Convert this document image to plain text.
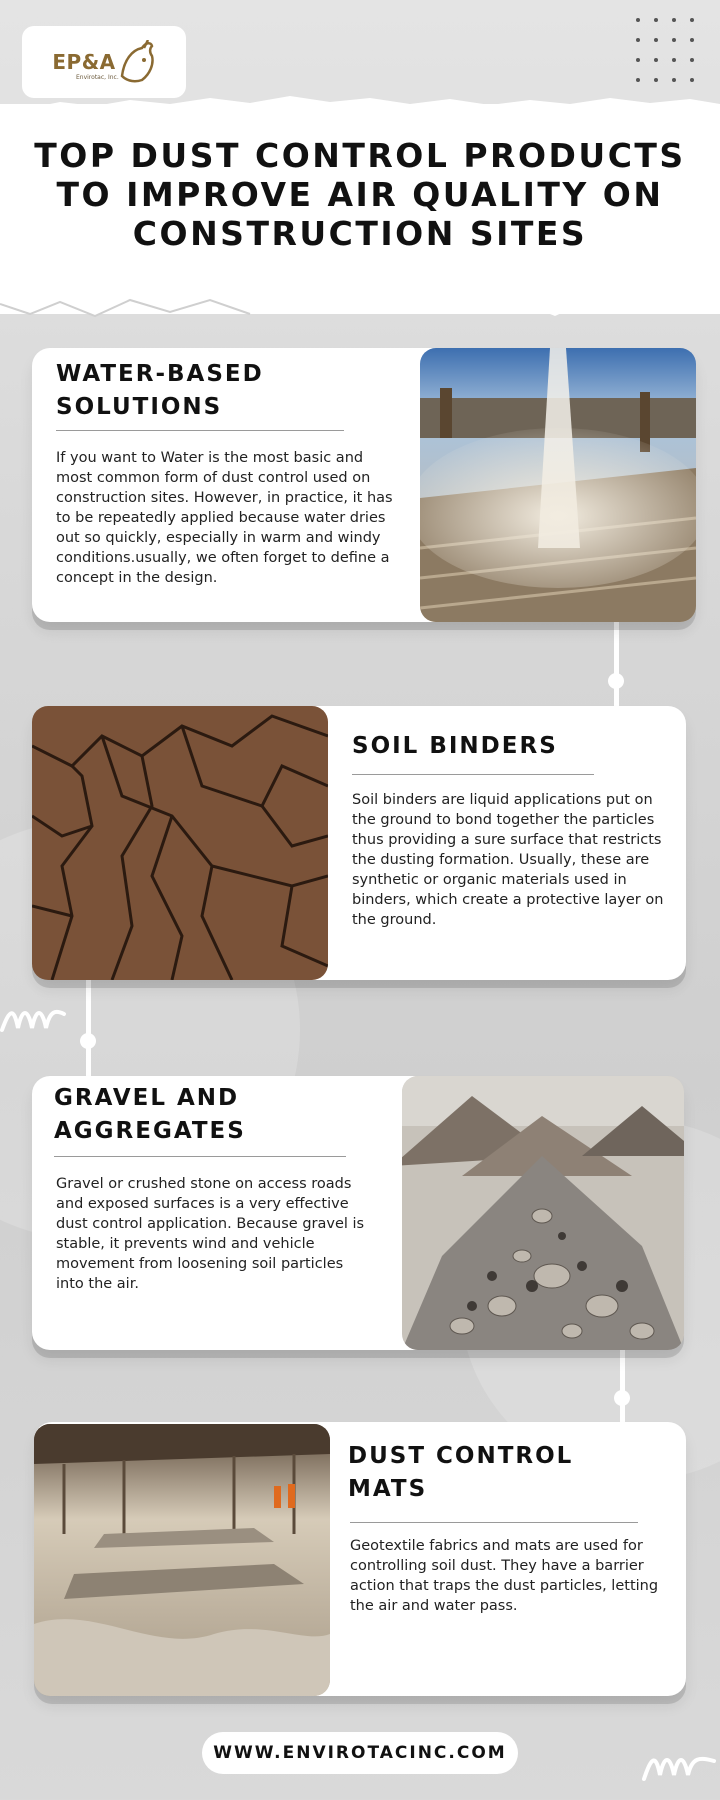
EP&A
Envirotac, Inc.
TOP DUST CONTROL PRODUCTS TO IMPROVE AIR QUALITY ON CONSTRUCTION SITES
WATER-BASED SOLUTIONS

If you want to Water is the most basic and most common form of dust control used on construction sites. However, in practice, it has to be repeatedly applied because water dries out so quickly, especially in warm and windy conditions.usually, we often forget to define a concept in the design.

SOIL BINDERS

Soil binders are liquid applications put on the ground to bond together the particles thus providing a sure surface that restricts the dusting formation. Usually, these are synthetic or organic materials used in binders, which create a protective layer on the ground.

GRAVEL AND AGGREGATES

Gravel or crushed stone on access roads and exposed surfaces is a very effective dust control application. Because gravel is stable, it prevents wind and vehicle movement from loosening soil particles into the air.

DUST CONTROL MATS

Geotextile fabrics and mats are used for controlling soil dust. They have a barrier action that traps the dust particles, letting the air and water pass.

WWW.ENVIROTACINC.COM
